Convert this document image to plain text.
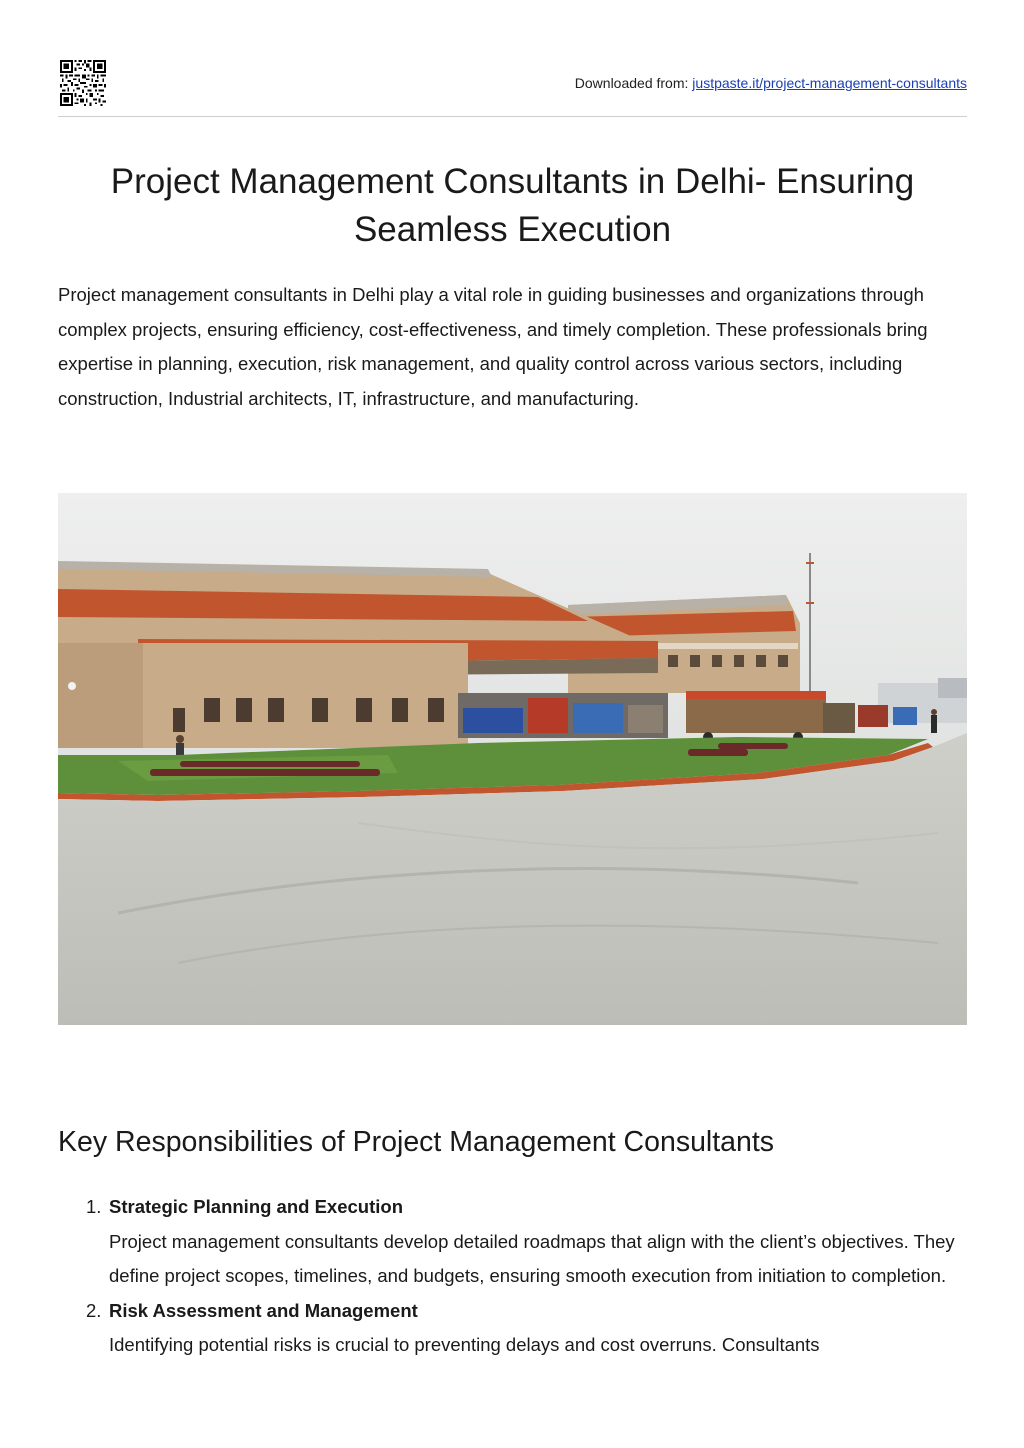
Downloaded from: justpaste.it/project-management-consultants
Project Management Consultants in Delhi- Ensuring
Seamless Execution

Project management consultants in Delhi play a vital role in guiding businesses and organizations through complex projects, ensuring efficiency, cost-effectiveness, and timely completion. These professionals bring expertise in planning, execution, risk management, and quality control across various sectors, including construction, Industrial architects, IT, infrastructure, and manufacturing.

Key Responsibilities of Project Management Consultants
1. Strategic Planning and Execution
Project management consultants develop detailed roadmaps that align with the client’s objectives. They define project scopes, timelines, and budgets, ensuring smooth execution from initiation to completion.
2. Risk Assessment and Management
Identifying potential risks is crucial to preventing delays and cost overruns. Consultants
